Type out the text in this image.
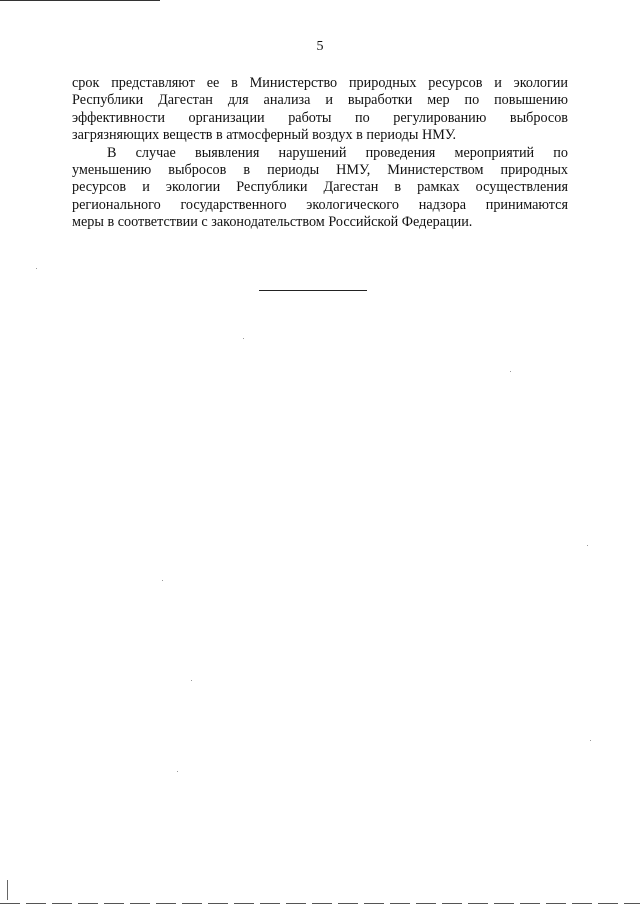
5

срок представляют ее в Министерство природных ресурсов и экологии
Республики Дагестан для анализа и выработки мер по повышению
эффективности организации работы по регулированию выбросов
загрязняющих веществ в атмосферный воздух в периоды НМУ.

В случае выявления нарушений проведения мероприятий по
уменьшению выбросов в периоды НМУ, Министерством природных
ресурсов и экологии Республики Дагестан в рамках осуществления
регионального государственного экологического надзора принимаются
меры в соответствии с законодательством Российской Федерации.
